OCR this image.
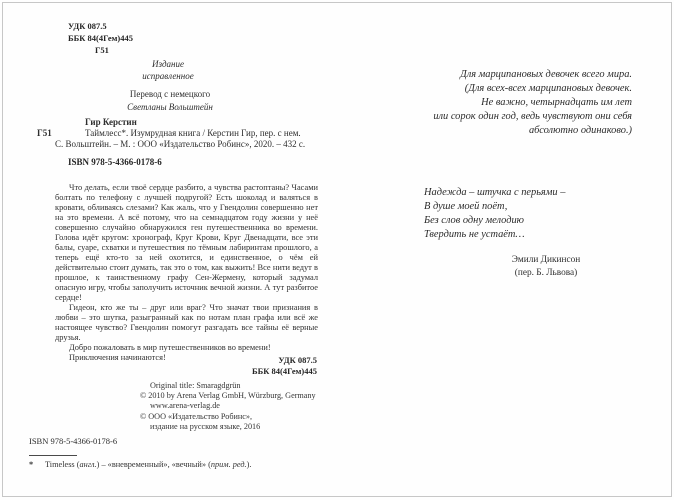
УДК 087.5
ББК 84(4Гем)445
Г51
Издание
исправленное
Перевод с немецкого
Светланы Вольштейн
Гир Керстин
Г51	Таймлесс*. Изумрудная книга / Керстин Гир, пер. с нем.
С. Вольштейн. – М. : ООО «Издательство Робинс», 2020. – 432 с.
ISBN 978-5-4366-0178-6

Что делать, если твоё сердце разбито, а чувства растоптаны? Часами болтать по телефону с лучшей подругой? Есть шоколад и валяться в кровати, обливаясь слезами? Как жаль, что у Гвендолин совершенно нет на это времени. А всё потому, что на семнадцатом году жизни у неё совершенно случайно обнаружился ген путешественника во времени. Голова идёт кругом: хронограф, Круг Крови, Круг Двенадцати, все эти балы, суаре, схватки и путешествия по тёмным лабиринтам прошлого, а теперь ещё кто-то за ней охотится, и единственное, о чём ей действительно стоит думать, так это о том, как выжить! Все нити ведут в прошлое, к таинственному графу Сен-Жермену, который задумал опасную игру, чтобы заполучить источник вечной жизни. А тут разбитое сердце!

Гидеон, кто же ты – друг или враг? Что значат твои признания в любви – это шутка, разыгранный как по нотам план графа или всё же настоящее чувство? Гвендолин помогут разгадать все тайны её верные друзья.

Добро пожаловать в мир путешественников во времени!

Приключения начинаются!	УДК 087.5
ББК 84(4Гем)445
Original title: Smaragdgrün
© 2010 by Arena Verlag GmbH, Würzburg, Germany
www.arena-verlag.de
© ООО «Издательство Робинс»,
издание на русском языке, 2016
ISBN 978-5-4366-0178-6
* Timeless (англ.) – «вневременный», «вечный» (прим. ред.).
Для марципановых девочек всего мира.
(Для всех-всех марципановых девочек.
Не важно, четырнадцать им лет
или сорок один год, ведь чувствуют они себя
абсолютно одинаково.)
Надежда – штучка с перьями –
В душе моей поёт,
Без слов одну мелодию
Твердить не устаёт…
Эмили Дикинсон
(пер. Б. Львова)
